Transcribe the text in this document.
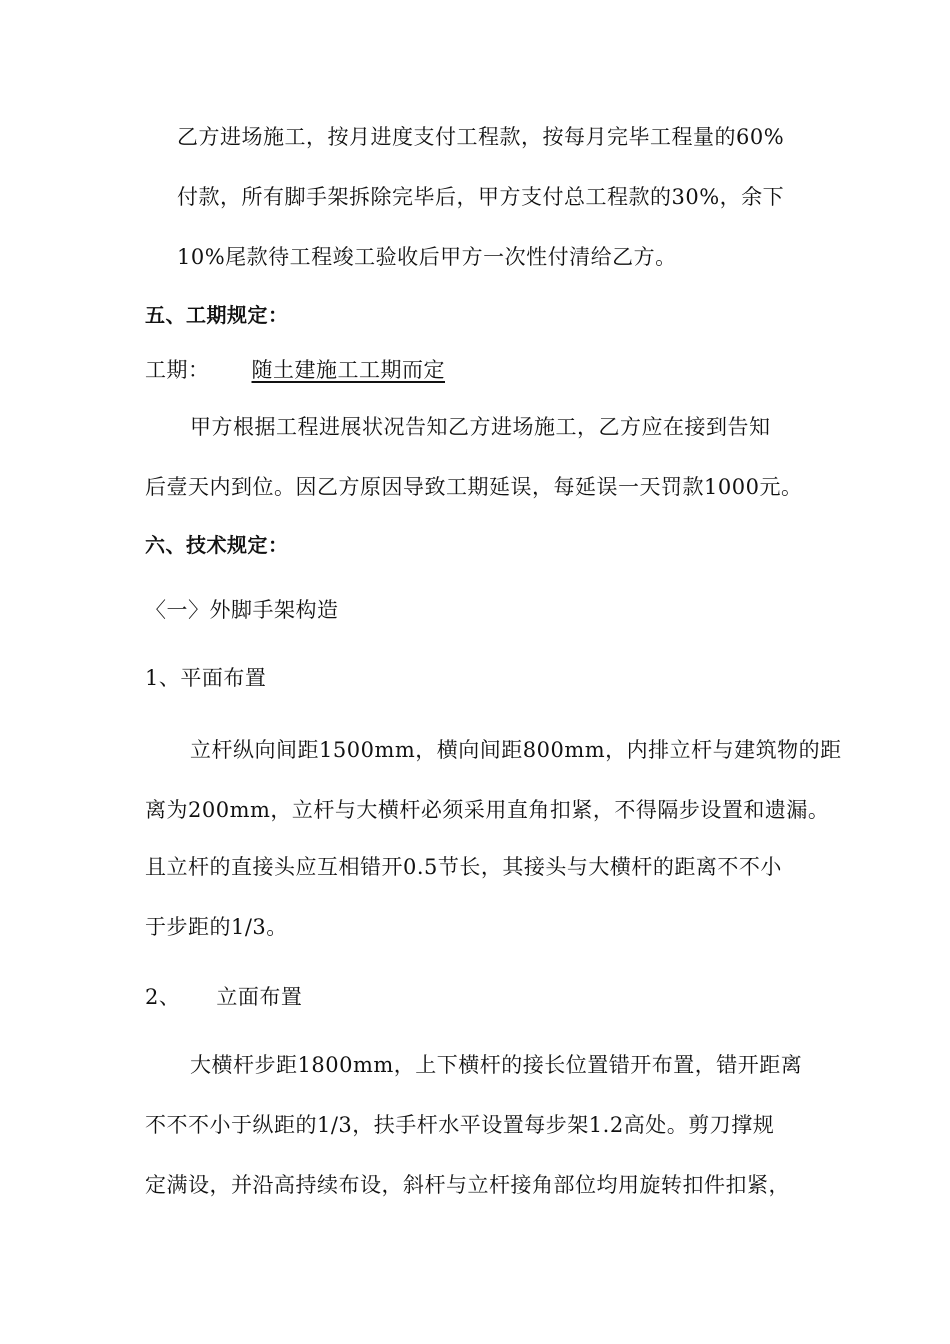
乙方进场施工，按月进度支付工程款，按每月完毕工程量的60%
付款，所有脚手架拆除完毕后，甲方支付总工程款的30%，余下
10%尾款待工程竣工验收后甲方一次性付清给乙方。
五、工期规定：
工期： 随土建施工工期而定
甲方根据工程进展状况告知乙方进场施工，乙方应在接到告知
后壹天内到位。因乙方原因导致工期延误，每延误一天罚款1000元。
六、技术规定：
〈一〉外脚手架构造
1、平面布置
立杆纵向间距1500mm，横向间距800mm，内排立杆与建筑物的距
离为200mm，立杆与大横杆必须采用直角扣紧，不得隔步设置和遗漏。
且立杆的直接头应互相错开0.5节长，其接头与大横杆的距离不不小
于步距的1/3。
2、 立面布置
大横杆步距1800mm，上下横杆的接长位置错开布置，错开距离
不不不小于纵距的1/3，扶手杆水平设置每步架1.2高处。剪刀撑规
定满设，并沿高持续布设，斜杆与立杆接角部位均用旋转扣件扣紧，
